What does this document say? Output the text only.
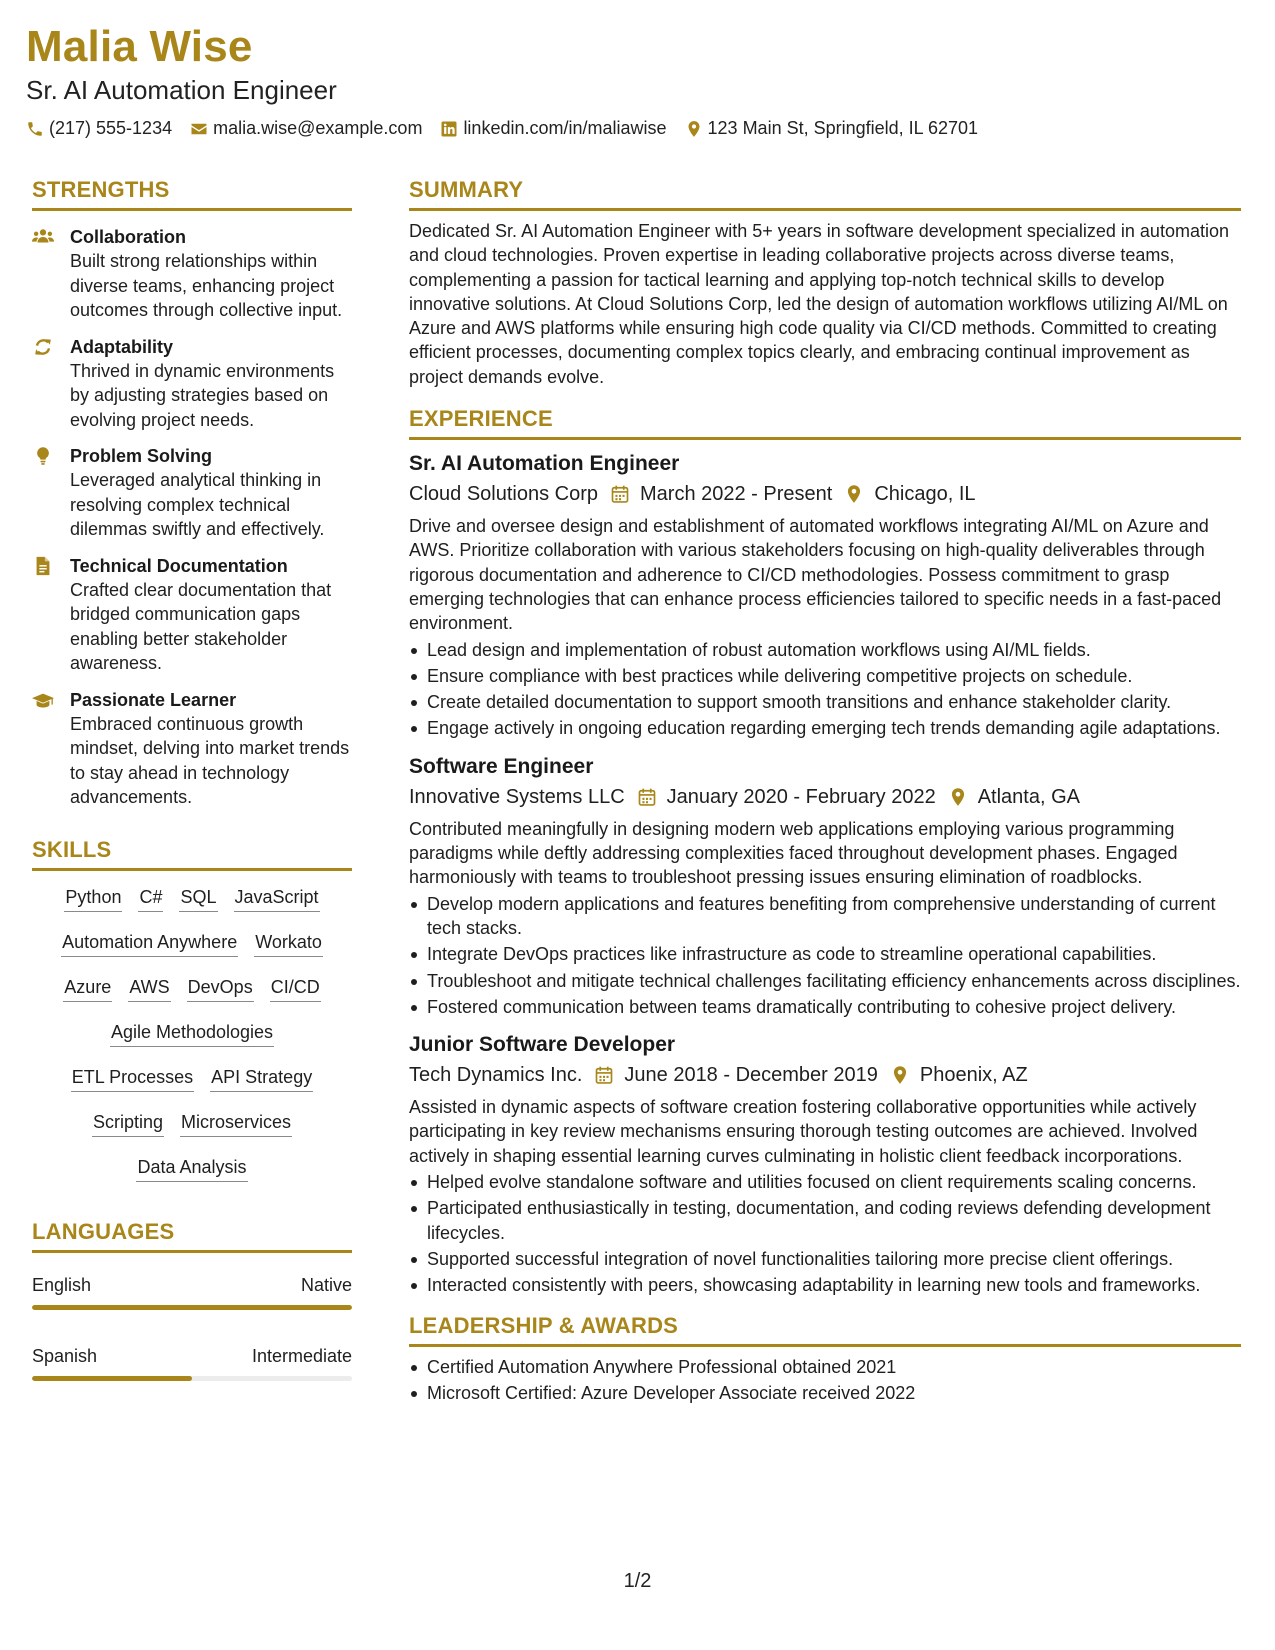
Malia Wise
Sr. AI Automation Engineer
(217) 555-1234 malia.wise@example.com linkedin.com/in/maliawise 123 Main St, Springfield, IL 62701
STRENGTHS
Collaboration
Built strong relationships within diverse teams, enhancing project outcomes through collective input.
Adaptability
Thrived in dynamic environments by adjusting strategies based on evolving project needs.
Problem Solving
Leveraged analytical thinking in resolving complex technical dilemmas swiftly and effectively.
Technical Documentation
Crafted clear documentation that bridged communication gaps enabling better stakeholder awareness.
Passionate Learner
Embraced continuous growth mindset, delving into market trends to stay ahead in technology advancements.
SKILLS
Python C# SQL JavaScript
Automation Anywhere Workato
Azure AWS DevOps CI/CD
Agile Methodologies
ETL Processes API Strategy
Scripting Microservices
Data Analysis
LANGUAGES
English	Native
Spanish	Intermediate
SUMMARY
Dedicated Sr. AI Automation Engineer with 5+ years in software development specialized in automation and cloud technologies. Proven expertise in leading collaborative projects across diverse teams, complementing a passion for tactical learning and applying top-notch technical skills to develop innovative solutions. At Cloud Solutions Corp, led the design of automation workflows utilizing AI/ML on Azure and AWS platforms while ensuring high code quality via CI/CD methods. Committed to creating efficient processes, documenting complex topics clearly, and embracing continual improvement as project demands evolve.
EXPERIENCE
Sr. AI Automation Engineer
Cloud Solutions Corp March 2022 - Present Chicago, IL
Drive and oversee design and establishment of automated workflows integrating AI/ML on Azure and AWS. Prioritize collaboration with various stakeholders focusing on high-quality deliverables through rigorous documentation and adherence to CI/CD methodologies. Possess commitment to grasp emerging technologies that can enhance process efficiencies tailored to specific needs in a fast-paced environment.
Lead design and implementation of robust automation workflows using AI/ML fields.
Ensure compliance with best practices while delivering competitive projects on schedule.
Create detailed documentation to support smooth transitions and enhance stakeholder clarity.
Engage actively in ongoing education regarding emerging tech trends demanding agile adaptations.
Software Engineer
Innovative Systems LLC January 2020 - February 2022 Atlanta, GA
Contributed meaningfully in designing modern web applications employing various programming paradigms while deftly addressing complexities faced throughout development phases. Engaged harmoniously with teams to troubleshoot pressing issues ensuring elimination of roadblocks.
Develop modern applications and features benefiting from comprehensive understanding of current tech stacks.
Integrate DevOps practices like infrastructure as code to streamline operational capabilities.
Troubleshoot and mitigate technical challenges facilitating efficiency enhancements across disciplines.
Fostered communication between teams dramatically contributing to cohesive project delivery.
Junior Software Developer
Tech Dynamics Inc. June 2018 - December 2019 Phoenix, AZ
Assisted in dynamic aspects of software creation fostering collaborative opportunities while actively participating in key review mechanisms ensuring thorough testing outcomes are achieved. Involved actively in shaping essential learning curves culminating in holistic client feedback incorporations.
Helped evolve standalone software and utilities focused on client requirements scaling concerns.
Participated enthusiastically in testing, documentation, and coding reviews defending development lifecycles.
Supported successful integration of novel functionalities tailoring more precise client offerings.
Interacted consistently with peers, showcasing adaptability in learning new tools and frameworks.
LEADERSHIP & AWARDS
Certified Automation Anywhere Professional obtained 2021
Microsoft Certified: Azure Developer Associate received 2022
1/2
